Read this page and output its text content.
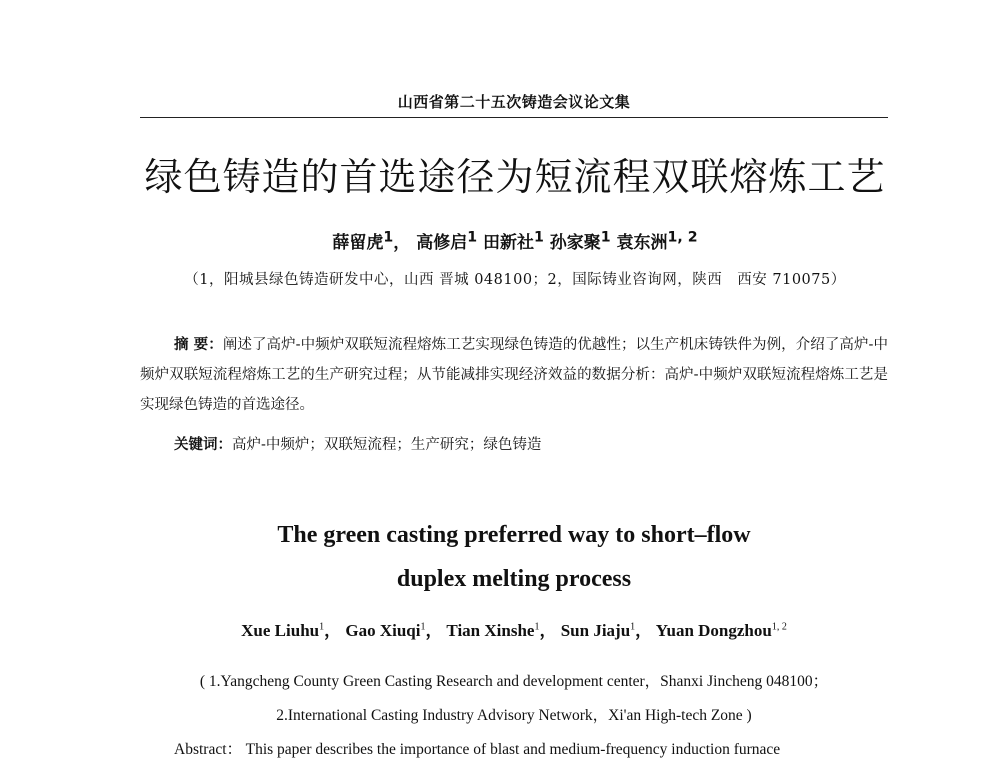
山西省第二十五次铸造会议论文集
绿色铸造的首选途径为短流程双联熔炼工艺
薛留虎$^1$， 高修启$^1$ 田新社$^1$ 孙家聚$^1$ 袁东洲$^{1, 2}$
（1，阳城县绿色铸造研发中心，山西 晋城 048100；2，国际铸业咨询网，陕西　西安 710075）
摘 要：阐述了高炉-中频炉双联短流程熔炼工艺实现绿色铸造的优越性；以生产机床铸铁件为例，介绍了高炉-中频炉双联短流程熔炼工艺的生产研究过程；从节能减排实现经济效益的数据分析：高炉-中频炉双联短流程熔炼工艺是实现绿色铸造的首选途径。
关键词：高炉-中频炉；双联短流程；生产研究；绿色铸造
The green casting preferred way to short–flow
duplex melting process
Xue Liuhu$^1$， Gao Xiuqi$^1$， Tian Xinshe$^1$， Sun Jiaju$^1$， Yuan Dongzhou$^{1, 2}$
( 1.Yangcheng County Green Casting Research and development center，Shanxi Jincheng 048100；
2.International Casting Industry Advisory Network，Xi'an High-tech Zone )
Abstract： This paper describes the importance of blast and medium-frequency induction furnace
